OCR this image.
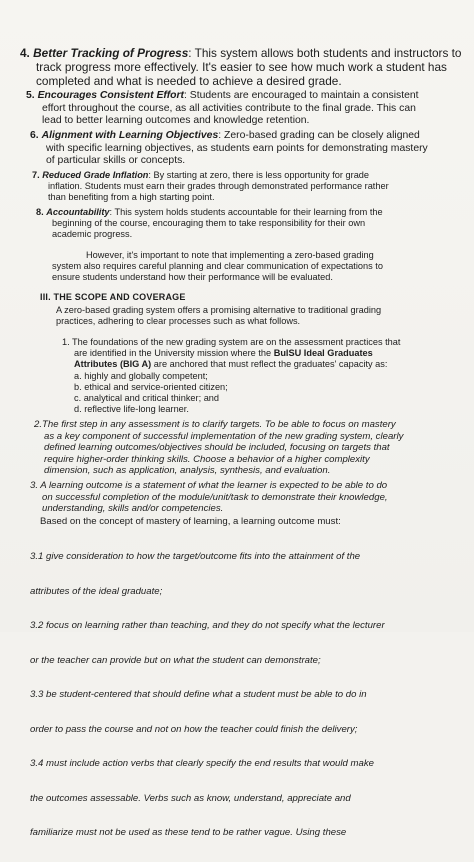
4. Better Tracking of Progress: This system allows both students and instructors to
track progress more effectively. It's easier to see how much work a student has
completed and what is needed to achieve a desired grade.
5. Encourages Consistent Effort: Students are encouraged to maintain a consistent
effort throughout the course, as all activities contribute to the final grade. This can
lead to better learning outcomes and knowledge retention.
6. Alignment with Learning Objectives: Zero-based grading can be closely aligned
with specific learning objectives, as students earn points for demonstrating mastery
of particular skills or concepts.
7. Reduced Grade Inflation: By starting at zero, there is less opportunity for grade
inflation. Students must earn their grades through demonstrated performance rather
than benefiting from a high starting point.
8. Accountability: This system holds students accountable for their learning from the
beginning of the course, encouraging them to take responsibility for their own
academic progress.
However, it's important to note that implementing a zero-based grading
system also requires careful planning and clear communication of expectations to
ensure students understand how their performance will be evaluated.
III. THE SCOPE AND COVERAGE
A zero-based grading system offers a promising alternative to traditional grading
practices, adhering to clear processes such as what follows.
1. The foundations of the new grading system are on the assessment practices that
are identified in the University mission where the BulSU Ideal Graduates
Attributes (BIG A) are anchored that must reflect the graduates' capacity as:
a. highly and globally competent;
b. ethical and service-oriented citizen;
c. analytical and critical thinker; and
d. reflective life-long learner.
2.The first step in any assessment is to clarify targets. To be able to focus on mastery
as a key component of successful implementation of the new grading system, clearly
defined learning outcomes/objectives should be included, focusing on targets that
require higher-order thinking skills. Choose a behavior of a higher complexity
dimension, such as application, analysis, synthesis, and evaluation.
3. A learning outcome is a statement of what the learner is expected to be able to do
on successful completion of the module/unit/task to demonstrate their knowledge,
understanding, skills and/or competencies.
Based on the concept of mastery of learning, a learning outcome must:

3.1 give consideration to how the target/outcome fits into the attainment of the

attributes of the ideal graduate;

3.2 focus on learning rather than teaching, and they do not specify what the lecturer

or the teacher can provide but on what the student can demonstrate;

3.3 be student-centered that should define what a student must be able to do in

order to pass the course and not on how the teacher could finish the delivery;

3.4 must include action verbs that clearly specify the end results that would make

the outcomes assessable. Verbs such as know, understand, appreciate and

familiarize must not be used as these tend to be rather vague. Using these
